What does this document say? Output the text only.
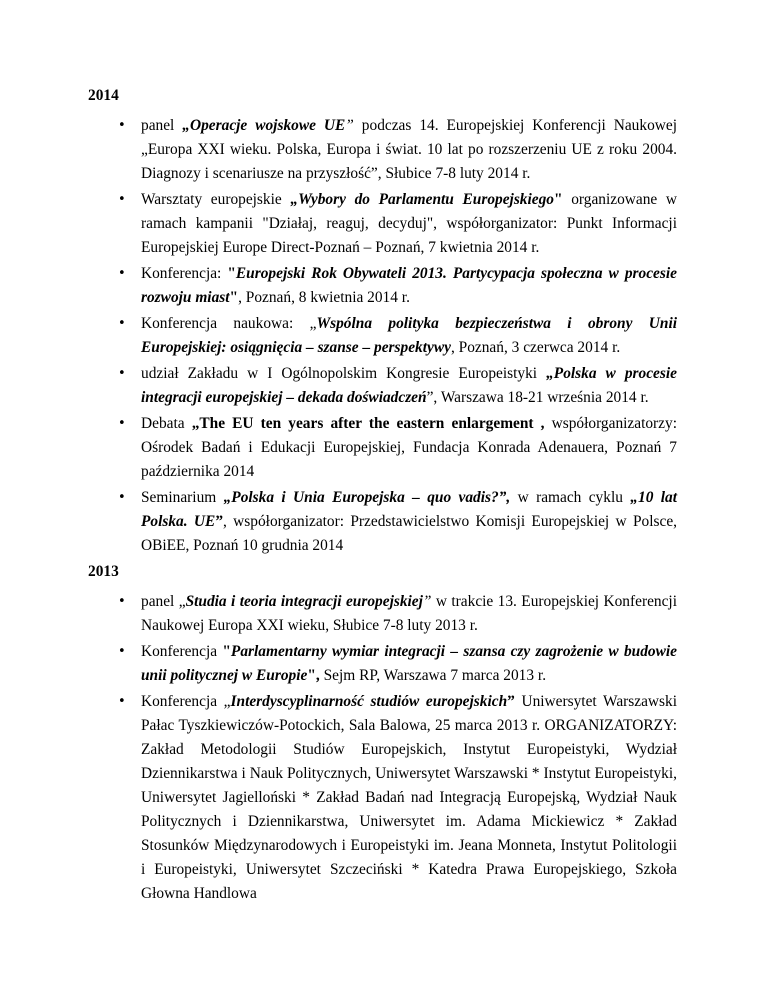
2014
• panel „Operacje wojskowe UE” podczas 14. Europejskiej Konferencji Naukowej „Europa XXI wieku. Polska, Europa i świat. 10 lat po rozszerzeniu UE z roku 2004. Diagnozy i scenariusze na przyszłość”, Słubice 7-8 luty 2014 r.
• Warsztaty europejskie „Wybory do Parlamentu Europejskiego" organizowane w ramach kampanii "Działaj, reaguj, decyduj", współorganizator: Punkt Informacji Europejskiej Europe Direct-Poznań – Poznań, 7 kwietnia 2014 r.
• Konferencja: "Europejski Rok Obywateli 2013. Partycypacja społeczna w procesie rozwoju miast", Poznań, 8 kwietnia 2014 r.
• Konferencja naukowa: „Wspólna polityka bezpieczeństwa i obrony Unii Europejskiej: osiągnięcia – szanse – perspektywy, Poznań, 3 czerwca 2014 r.
• udział Zakładu w I Ogólnopolskim Kongresie Europeistyki „Polska w procesie integracji europejskiej – dekada doświadczeń”, Warszawa 18-21 września 2014 r.
• Debata „The EU ten years after the eastern enlargement , współorganizatorzy: Ośrodek Badań i Edukacji Europejskiej, Fundacja Konrada Adenauera, Poznań 7 października 2014
• Seminarium „Polska i Unia Europejska – quo vadis?”, w ramach cyklu „10 lat Polska. UE”, współorganizator: Przedstawicielstwo Komisji Europejskiej w Polsce, OBiEE, Poznań 10 grudnia 2014
2013
• panel „Studia i teoria integracji europejskiej” w trakcie 13. Europejskiej Konferencji Naukowej Europa XXI wieku, Słubice 7-8 luty 2013 r.
• Konferencja "Parlamentarny wymiar integracji – szansa czy zagrożenie w budowie unii politycznej w Europie", Sejm RP, Warszawa 7 marca 2013 r.
• Konferencja „Interdyscyplinarność studiów europejskich” Uniwersytet Warszawski Pałac Tyszkiewiczów-Potockich, Sala Balowa, 25 marca 2013 r. ORGANIZATORZY: Zakład Metodologii Studiów Europejskich, Instytut Europeistyki, Wydział Dziennikarstwa i Nauk Politycznych, Uniwersytet Warszawski * Instytut Europeistyki, Uniwersytet Jagielloński * Zakład Badań nad Integracją Europejską, Wydział Nauk Politycznych i Dziennikarstwa, Uniwersytet im. Adama Mickiewicz * Zakład Stosunków Międzynarodowych i Europeistyki im. Jeana Monneta, Instytut Politologii i Europeistyki, Uniwersytet Szczeciński * Katedra Prawa Europejskiego, Szkoła Głowna Handlowa
